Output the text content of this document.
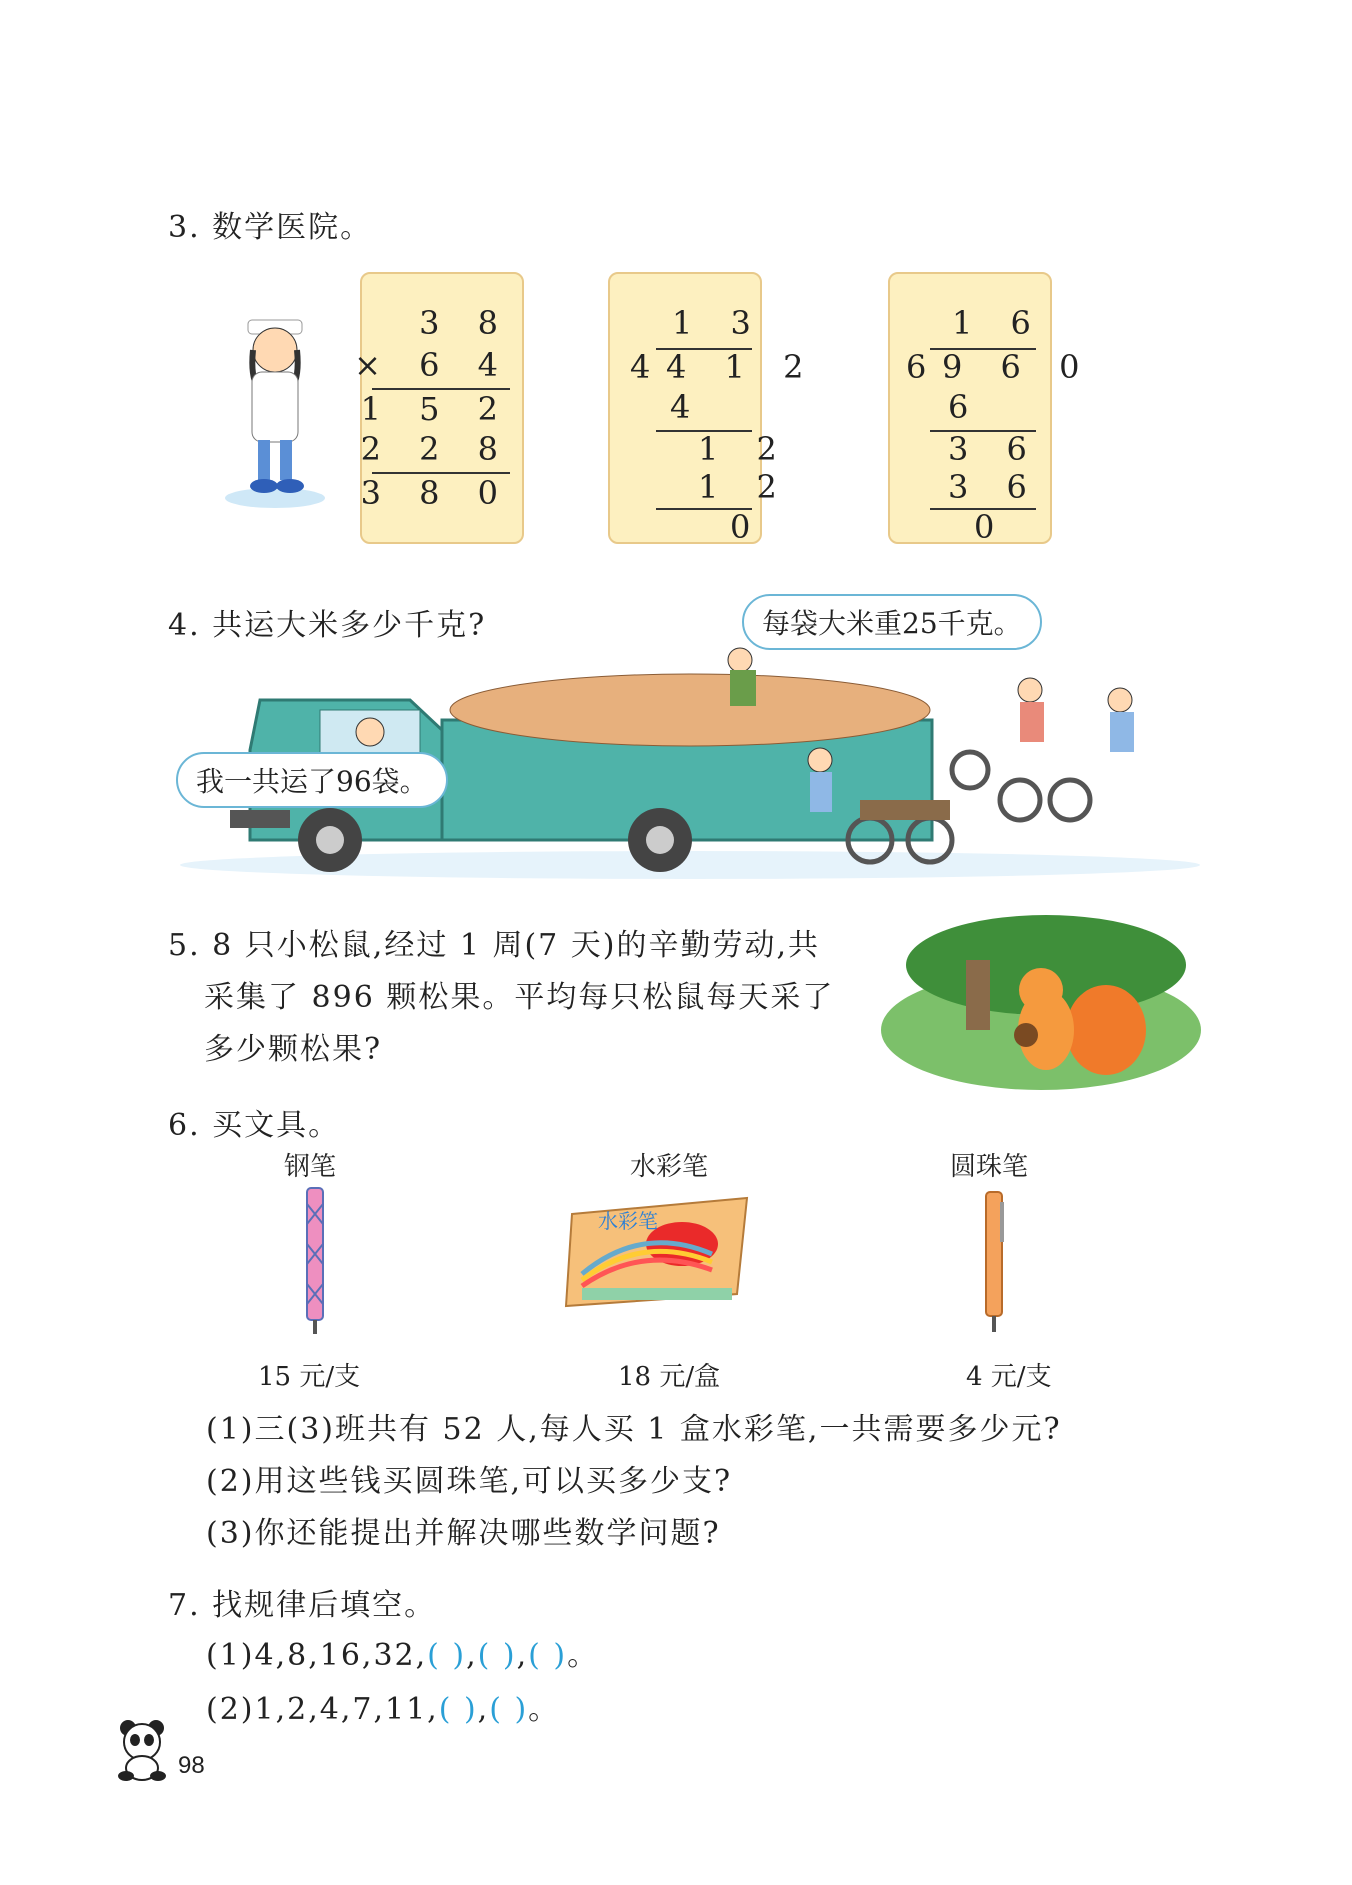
3. 数学医院。
3 8
× 6 4
1 5 2
2 2 8
3 8 0
1 3
4 4 1 2
4
1 2
1 2
0
1 6
6 9 6 0
6
3 6
3 6
0
4. 共运大米多少千克?	每袋大米重25千克。
我一共运了96袋。
5. 8 只小松鼠,经过 1 周(7 天)的辛勤劳动,共
采集了 896 颗松果。平均每只松鼠每天采了
多少颗松果?
6. 买文具。
钢笔	水彩笔	圆珠笔
水彩笔
15 元/支	18 元/盒	4 元/支
(1)三(3)班共有 52 人,每人买 1 盒水彩笔,一共需要多少元?
(2)用这些钱买圆珠笔,可以买多少支?
(3)你还能提出并解决哪些数学问题?
7. 找规律后填空。
(1)4,8,16,32,( ),( ),( )。
(2)1,2,4,7,11,( ),( )。
98
